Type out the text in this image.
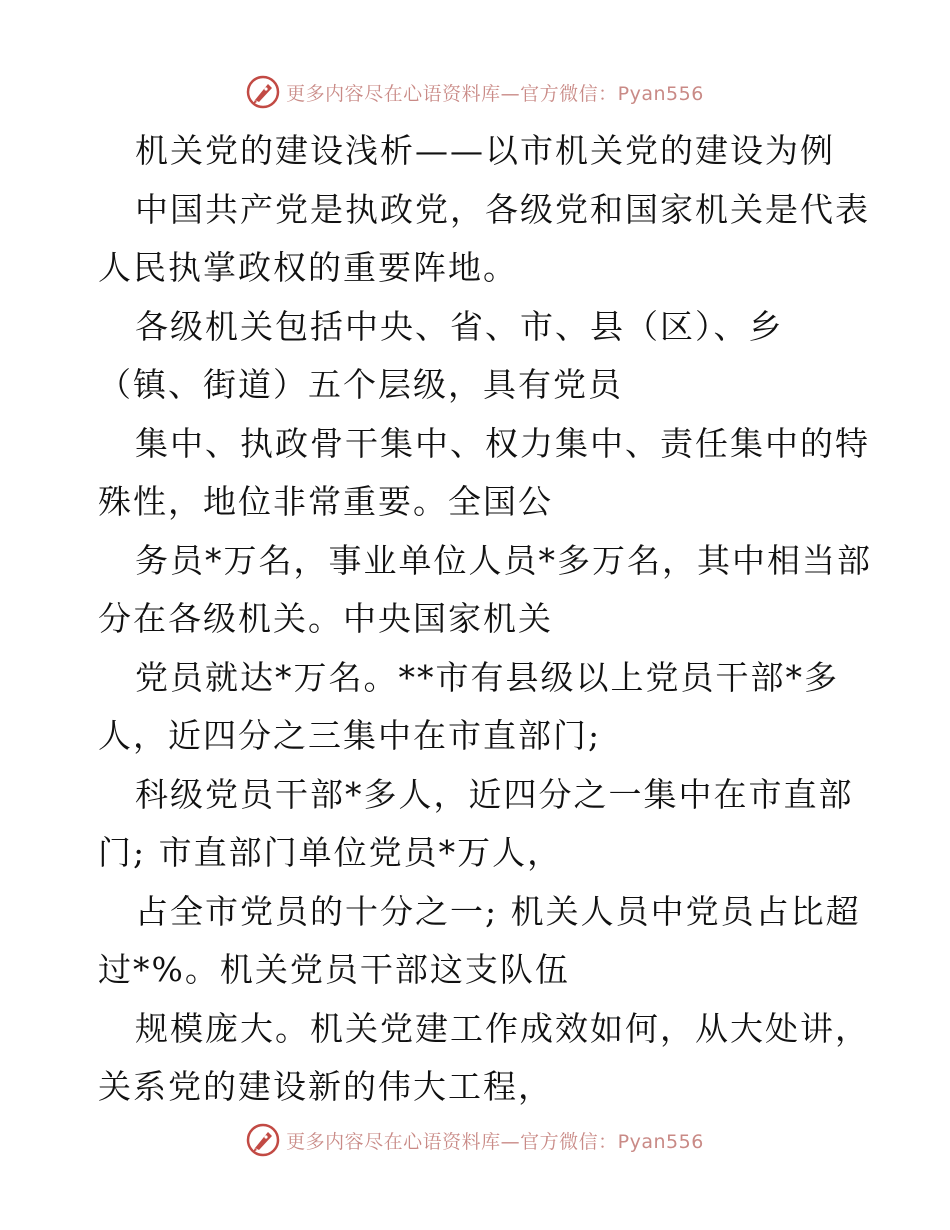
更多内容尽在心语资料库—官方微信：Pyan556
机关党的建设浅析——以市机关党的建设为例
中国共产党是执政党，各级党和国家机关是代表
人民执掌政权的重要阵地。
各级机关包括中央、省、市、县（区）、乡
（镇、街道）五个层级，具有党员
集中、执政骨干集中、权力集中、责任集中的特
殊性，地位非常重要。全国公
务员*万名，事业单位人员*多万名，其中相当部
分在各级机关。中央国家机关
党员就达*万名。**市有县级以上党员干部*多
人，近四分之三集中在市直部门;
科级党员干部*多人，近四分之一集中在市直部
门; 市直部门单位党员*万人，
占全市党员的十分之一; 机关人员中党员占比超
过*%。机关党员干部这支队伍
规模庞大。机关党建工作成效如何，从大处讲，
关系党的建设新的伟大工程，
更多内容尽在心语资料库—官方微信：Pyan556
